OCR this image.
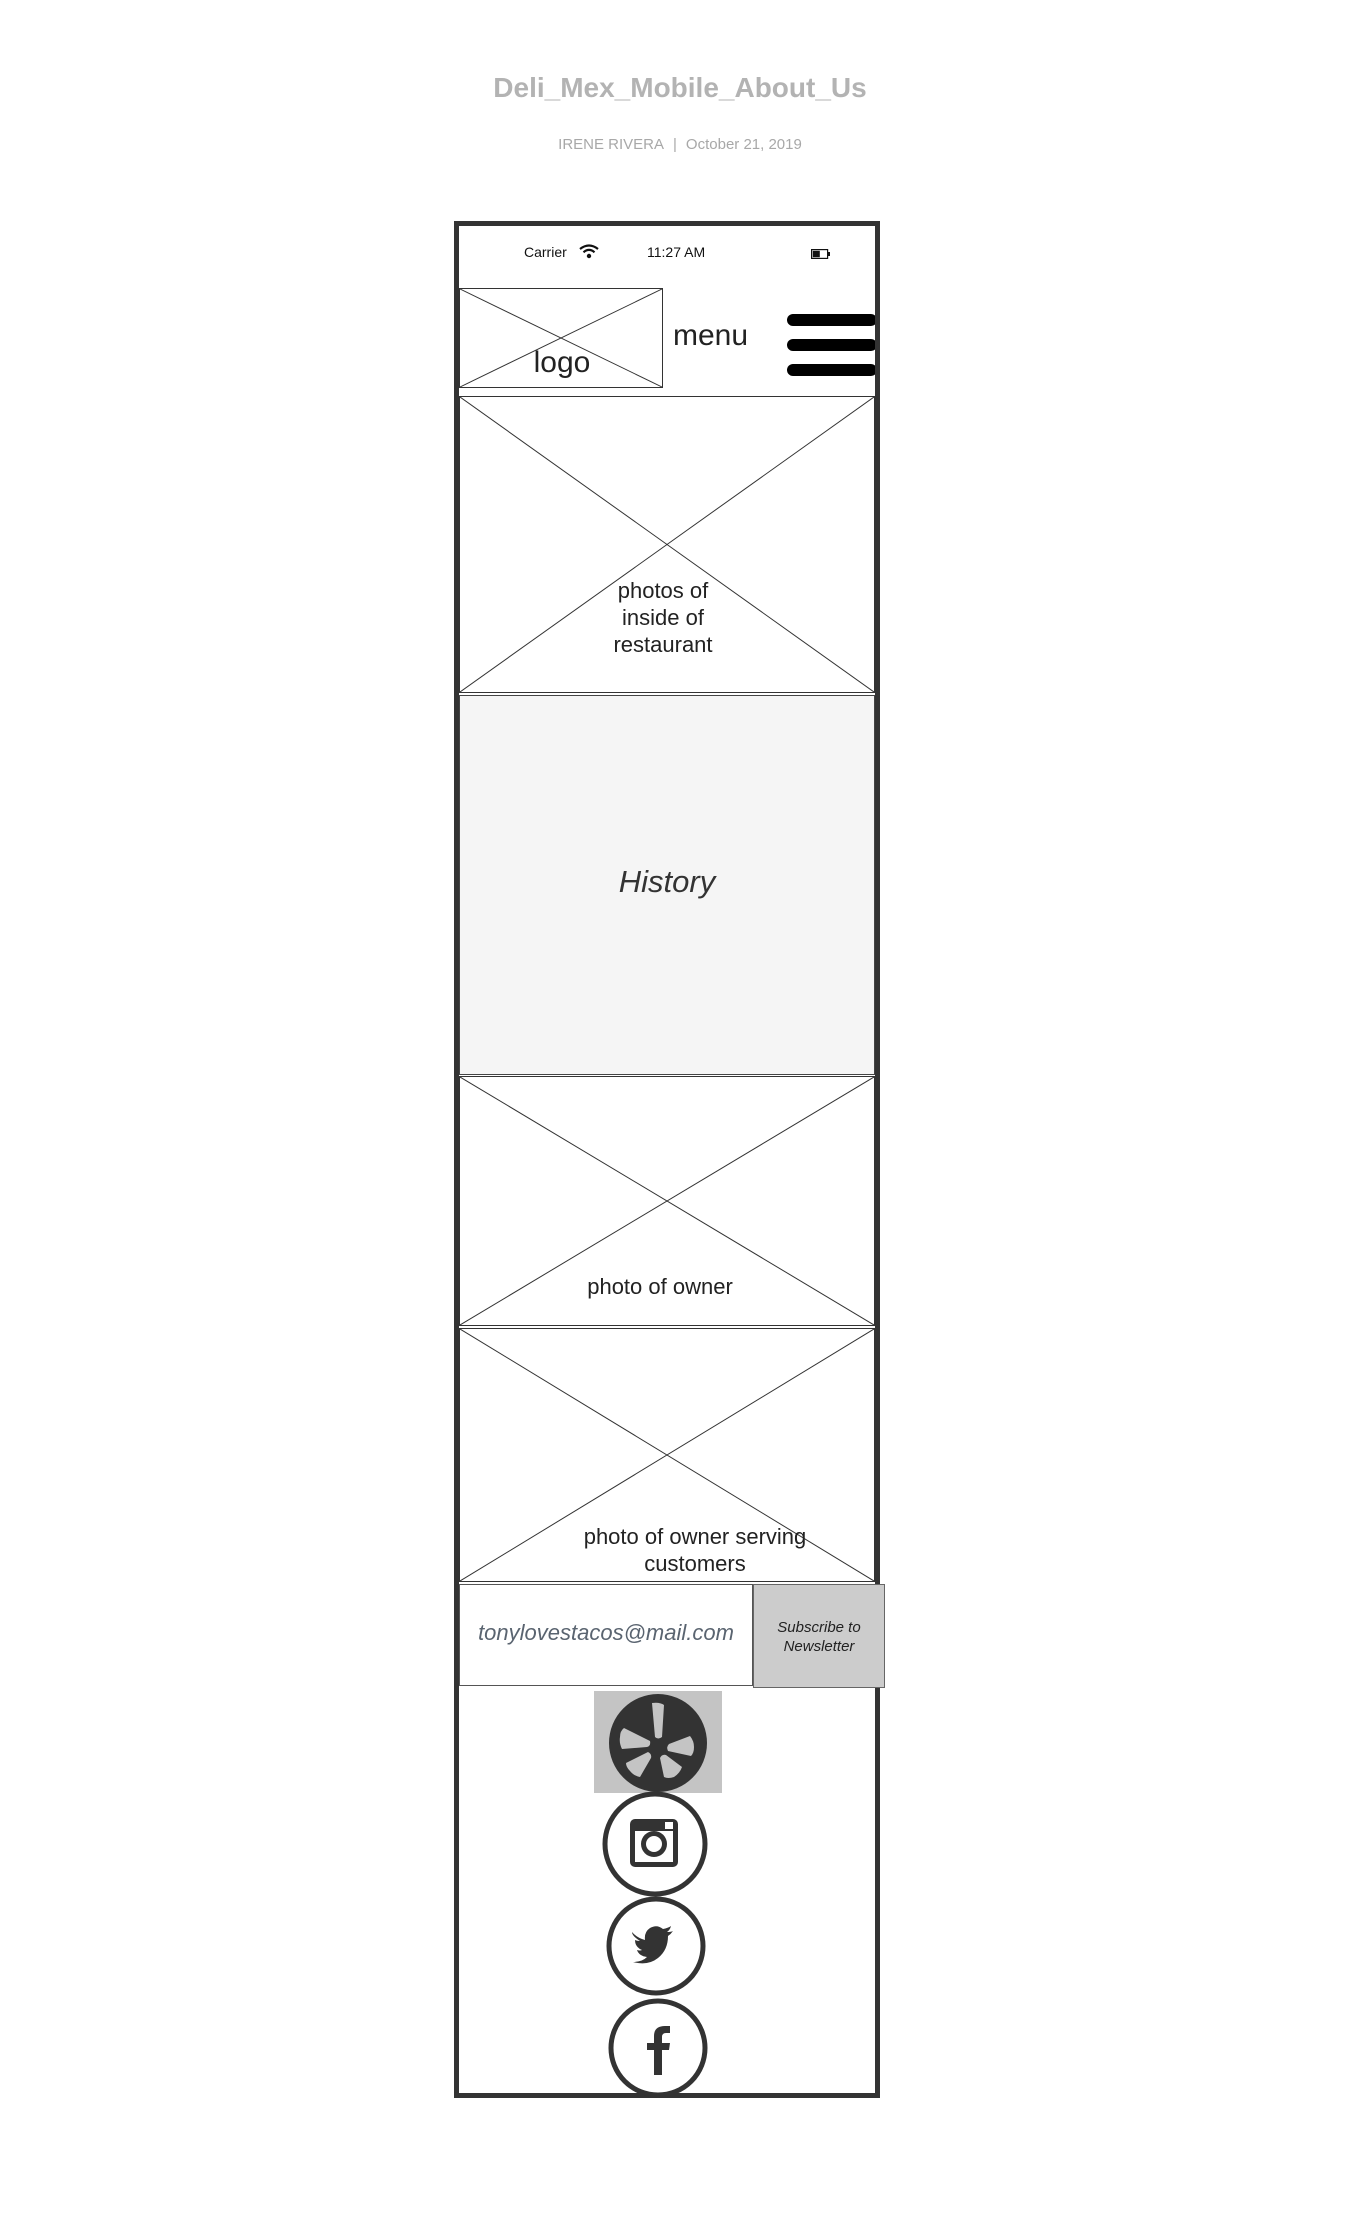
Deli_Mex_Mobile_About_Us
IRENE RIVERA | October 21, 2019
Carrier	11:27 AM
logo
menu
photos of
inside of
restaurant
History
photo of owner
photo of owner serving
customers
tonylovestacos@mail.com	Subscribe to
Newsletter
